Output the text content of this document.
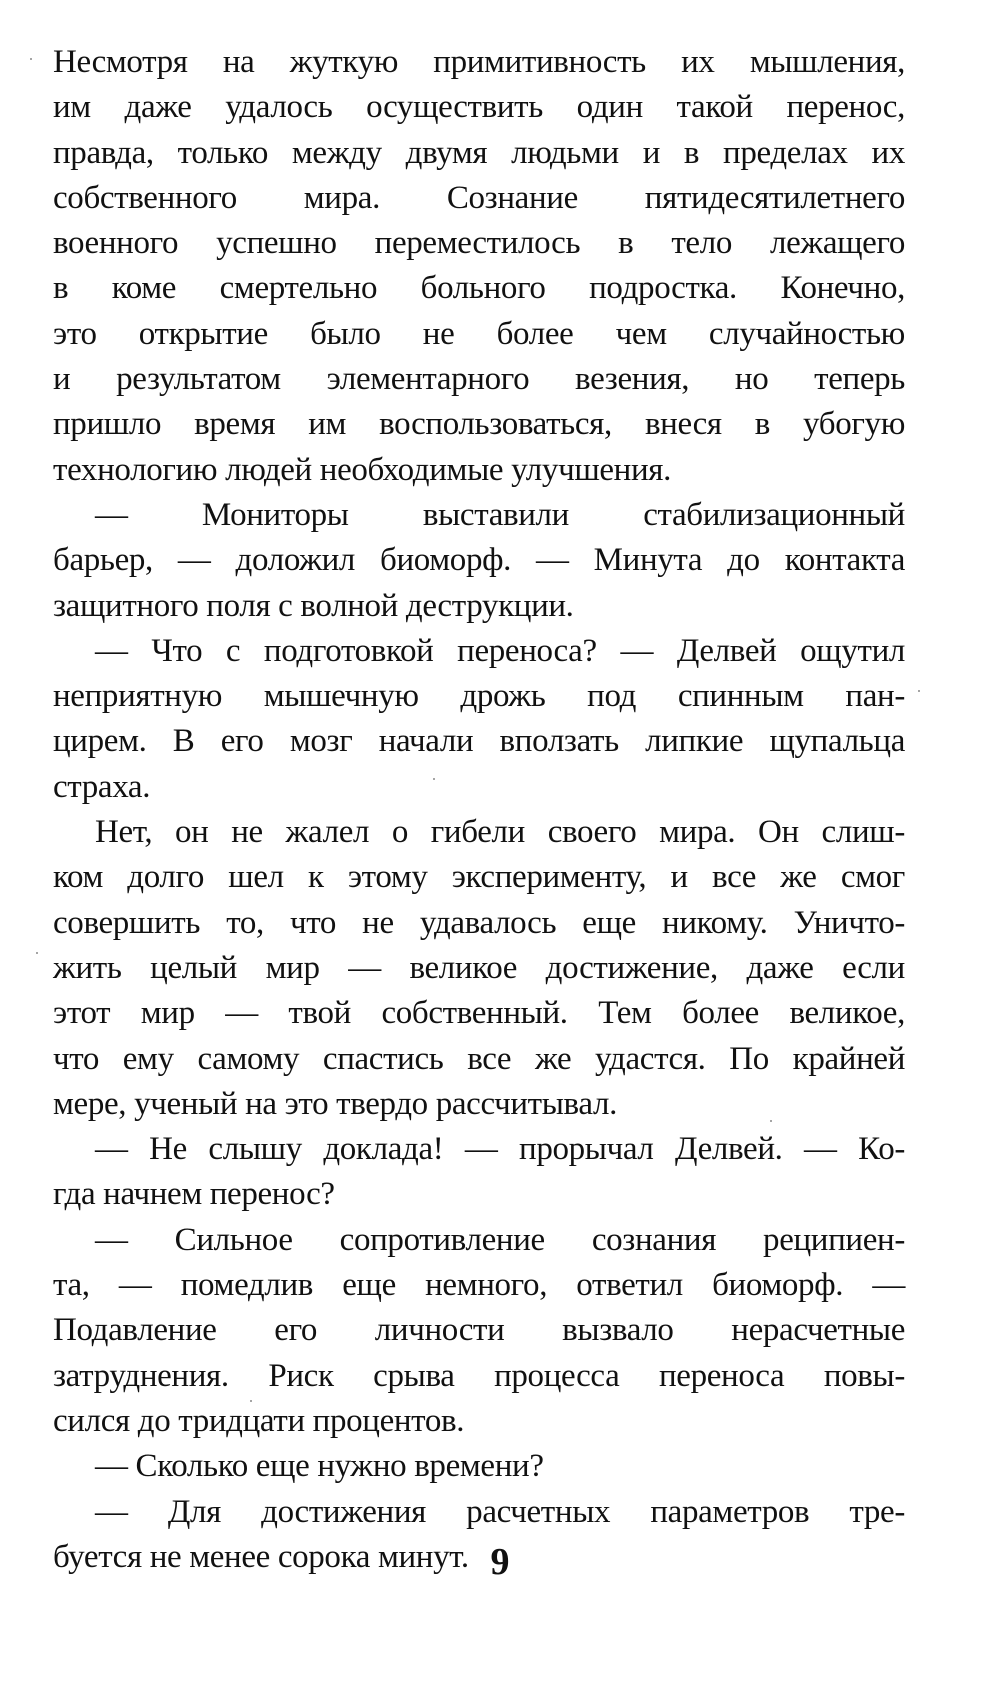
Несмотря на жуткую примитивность их мышления,
им даже удалось осуществить один такой перенос,
правда, только между двумя людьми и в пределах их
собственного мира. Сознание пятидесятилетнего
военного успешно переместилось в тело лежащего
в коме смертельно больного подростка. Конечно,
это открытие было не более чем случайностью
и результатом элементарного везения, но теперь
пришло время им воспользоваться, внеся в убогую
технологию людей необходимые улучшения.
— Мониторы выставили стабилизационный
барьер, — доложил биоморф. — Минута до контакта
защитного поля с волной деструкции.
— Что с подготовкой переноса? — Делвей ощутил
неприятную мышечную дрожь под спинным пан-
цирем. В его мозг начали вползать липкие щупальца
страха.
Нет, он не жалел о гибели своего мира. Он слиш-
ком долго шел к этому эксперименту, и все же смог
совершить то, что не удавалось еще никому. Уничто-
жить целый мир — великое достижение, даже если
этот мир — твой собственный. Тем более великое,
что ему самому спастись все же удастся. По крайней
мере, ученый на это твердо рассчитывал.
— Не слышу доклада! — прорычал Делвей. — Ко-
гда начнем перенос?
— Сильное сопротивление сознания реципиен-
та, — помедлив еще немного, ответил биоморф. —
Подавление его личности вызвало нерасчетные
затруднения. Риск срыва процесса переноса повы-
сился до тридцати процентов.
— Сколько еще нужно времени?
— Для достижения расчетных параметров тре-
буется не менее сорока минут. 9
